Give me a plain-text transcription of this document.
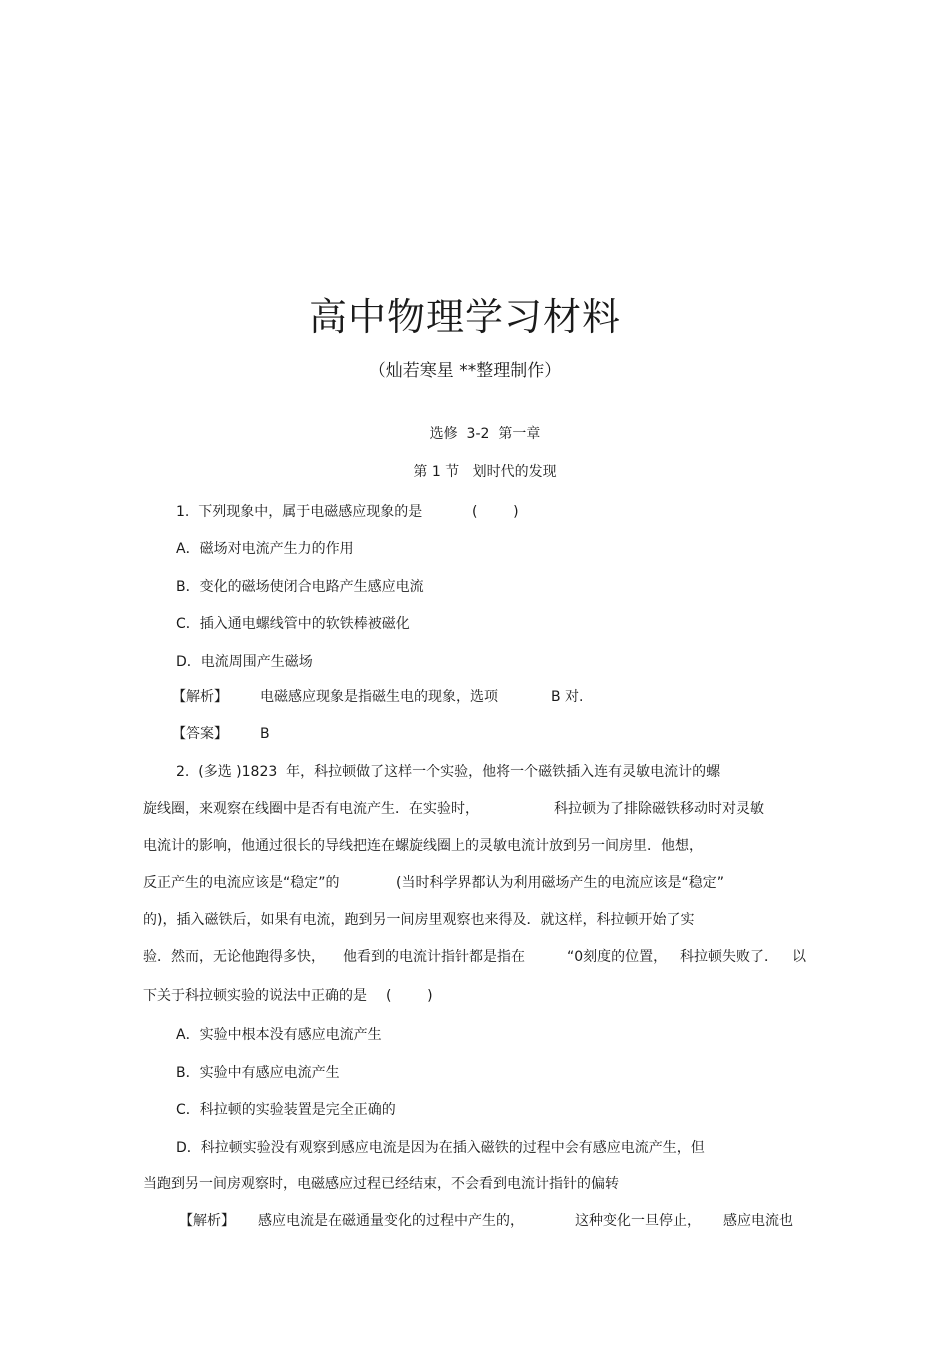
高中物理学习材料
（灿若寒星 **整理制作）
选修  3-2  第一章
第 1 节   划时代的发现
1.  下列现象中，属于电磁感应现象的是	(        )
A．磁场对电流产生力的作用
B．变化的磁场使闭合电路产生感应电流
C．插入通电螺线管中的软铁棒被磁化
D．电流周围产生磁场
【解析】 电磁感应现象是指磁生电的现象，选项	B 对.
【答案】 B
2.  (多选 )1823  年，科拉顿做了这样一个实验，他将一个磁铁插入连有灵敏电流计的螺
旋线圈，来观察在线圈中是否有电流产生．在实验时，	科拉顿为了排除磁铁移动时对灵敏
电流计的影响，他通过很长的导线把连在螺旋线圈上的灵敏电流计放到另一间房里．他想，
反正产生的电流应该是“稳定”的	(当时科学界都认为利用磁场产生的电流应该是“稳定”
的)，插入磁铁后，如果有电流，跑到另一间房里观察也来得及．就这样，科拉顿开始了实
验．然而，无论他跑得多快， 他看到的电流计指针都是指在	“0刻度的位置， 科拉顿失败了． 以
下关于科拉顿实验的说法中正确的是 (        )
A．实验中根本没有感应电流产生
B．实验中有感应电流产生
C．科拉顿的实验装置是完全正确的
D．科拉顿实验没有观察到感应电流是因为在插入磁铁的过程中会有感应电流产生，但
当跑到另一间房观察时，电磁感应过程已经结束，不会看到电流计指针的偏转
【解析】 感应电流是在磁通量变化的过程中产生的，	这种变化一旦停止， 感应电流也
